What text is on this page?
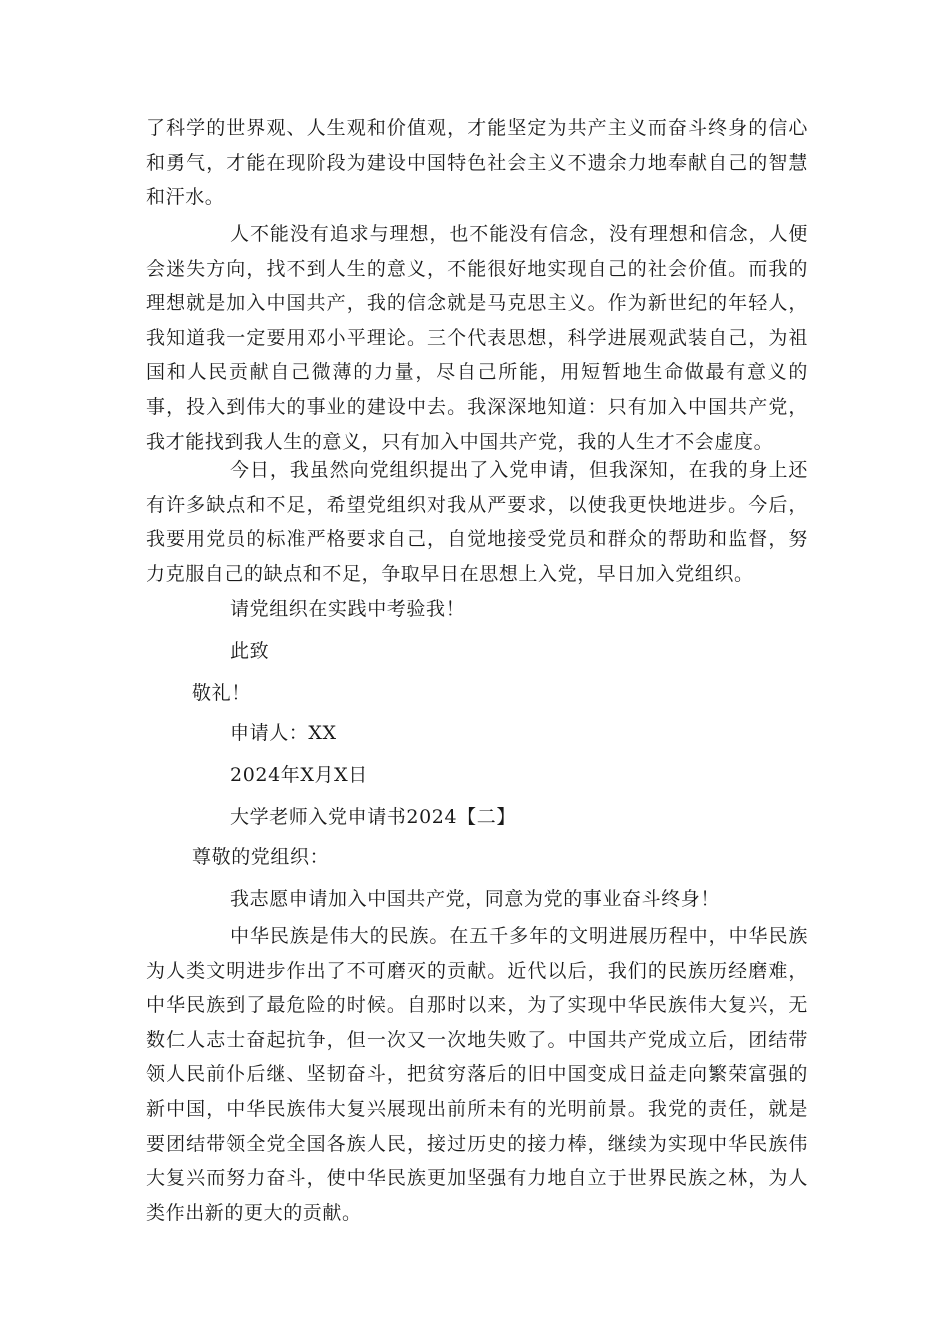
了科学的世界观、人生观和价值观，才能坚定为共产主义而奋斗终身的信心和勇气，才能在现阶段为建设中国特色社会主义不遗余力地奉献自己的智慧和汗水。

人不能没有追求与理想，也不能没有信念，没有理想和信念，人便会迷失方向，找不到人生的意义，不能很好地实现自己的社会价值。而我的理想就是加入中国共产，我的信念就是马克思主义。作为新世纪的年轻人，我知道我一定要用邓小平理论。三个代表思想，科学进展观武装自己，为祖国和人民贡献自己微薄的力量，尽自己所能，用短暂地生命做最有意义的事，投入到伟大的事业的建设中去。我深深地知道：只有加入中国共产党，我才能找到我人生的意义，只有加入中国共产党，我的人生才不会虚度。

今日，我虽然向党组织提出了入党申请，但我深知，在我的身上还有许多缺点和不足，希望党组织对我从严要求，以使我更快地进步。今后，我要用党员的标准严格要求自己，自觉地接受党员和群众的帮助和监督，努力克服自己的缺点和不足，争取早日在思想上入党，早日加入党组织。

请党组织在实践中考验我！

此致

敬礼！

申请人：XX

2024年X月X日

大学老师入党申请书2024【二】

尊敬的党组织：

我志愿申请加入中国共产党，同意为党的事业奋斗终身！

中华民族是伟大的民族。在五千多年的文明进展历程中，中华民族为人类文明进步作出了不可磨灭的贡献。近代以后，我们的民族历经磨难，中华民族到了最危险的时候。自那时以来，为了实现中华民族伟大复兴，无数仁人志士奋起抗争，但一次又一次地失败了。中国共产党成立后，团结带领人民前仆后继、坚韧奋斗，把贫穷落后的旧中国变成日益走向繁荣富强的新中国，中华民族伟大复兴展现出前所未有的光明前景。我党的责任，就是要团结带领全党全国各族人民，接过历史的接力棒，继续为实现中华民族伟大复兴而努力奋斗，使中华民族更加坚强有力地自立于世界民族之林，为人类作出新的更大的贡献。
